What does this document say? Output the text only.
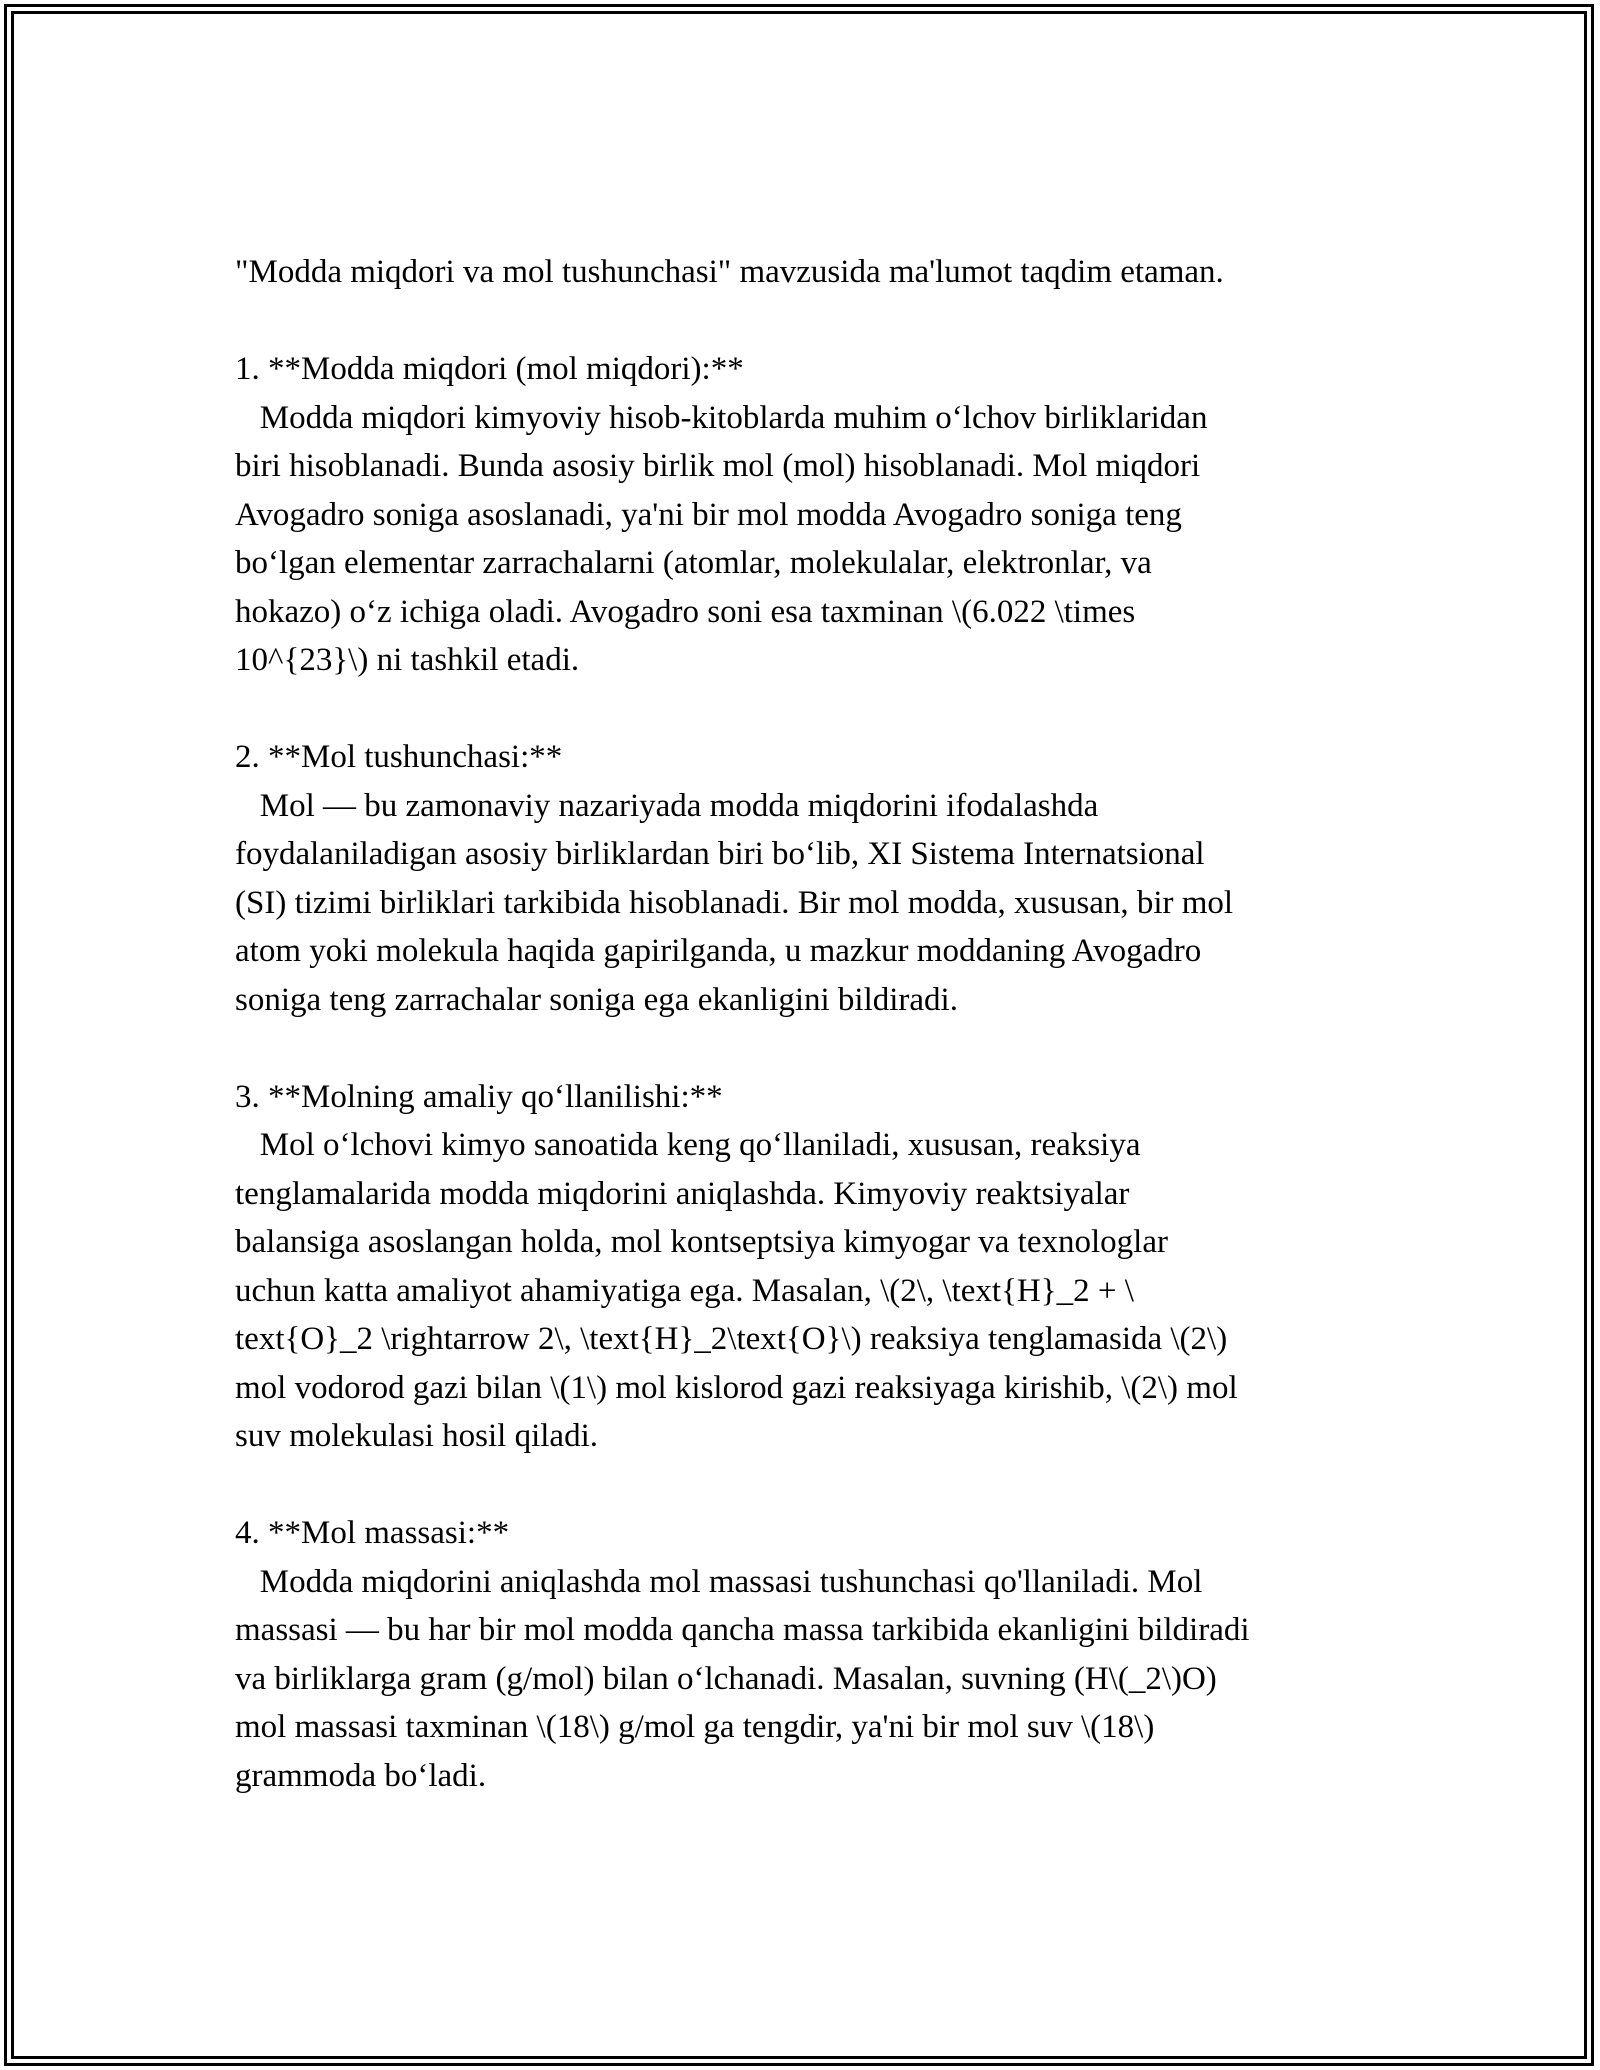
"Modda miqdori va mol tushunchasi" mavzusida ma'lumot taqdim etaman.
1. **Modda miqdori (mol miqdori):**
Modda miqdori kimyoviy hisob-kitoblarda muhim o‘lchov birliklaridan
biri hisoblanadi. Bunda asosiy birlik mol (mol) hisoblanadi. Mol miqdori
Avogadro soniga asoslanadi, ya'ni bir mol modda Avogadro soniga teng
bo‘lgan elementar zarrachalarni (atomlar, molekulalar, elektronlar, va
hokazo) o‘z ichiga oladi. Avogadro soni esa taxminan \(6.022 \times
10^{23}\) ni tashkil etadi.
2. **Mol tushunchasi:**
Mol — bu zamonaviy nazariyada modda miqdorini ifodalashda
foydalaniladigan asosiy birliklardan biri bo‘lib, XI Sistema Internatsional
(SI) tizimi birliklari tarkibida hisoblanadi. Bir mol modda, xususan, bir mol
atom yoki molekula haqida gapirilganda, u mazkur moddaning Avogadro
soniga teng zarrachalar soniga ega ekanligini bildiradi.
3. **Molning amaliy qo‘llanilishi:**
Mol o‘lchovi kimyo sanoatida keng qo‘llaniladi, xususan, reaksiya
tenglamalarida modda miqdorini aniqlashda. Kimyoviy reaktsiyalar
balansiga asoslangan holda, mol kontseptsiya kimyogar va texnologlar
uchun katta amaliyot ahamiyatiga ega. Masalan, \(2\, \text{H}_2 + \
text{O}_2 \rightarrow 2\, \text{H}_2\text{O}\) reaksiya tenglamasida \(2\)
mol vodorod gazi bilan \(1\) mol kislorod gazi reaksiyaga kirishib, \(2\) mol
suv molekulasi hosil qiladi.
4. **Mol massasi:**
Modda miqdorini aniqlashda mol massasi tushunchasi qo'llaniladi. Mol
massasi — bu har bir mol modda qancha massa tarkibida ekanligini bildiradi
va birliklarga gram (g/mol) bilan o‘lchanadi. Masalan, suvning (H\(_2\)O)
mol massasi taxminan \(18\) g/mol ga tengdir, ya'ni bir mol suv \(18\)
grammoda bo‘ladi.
